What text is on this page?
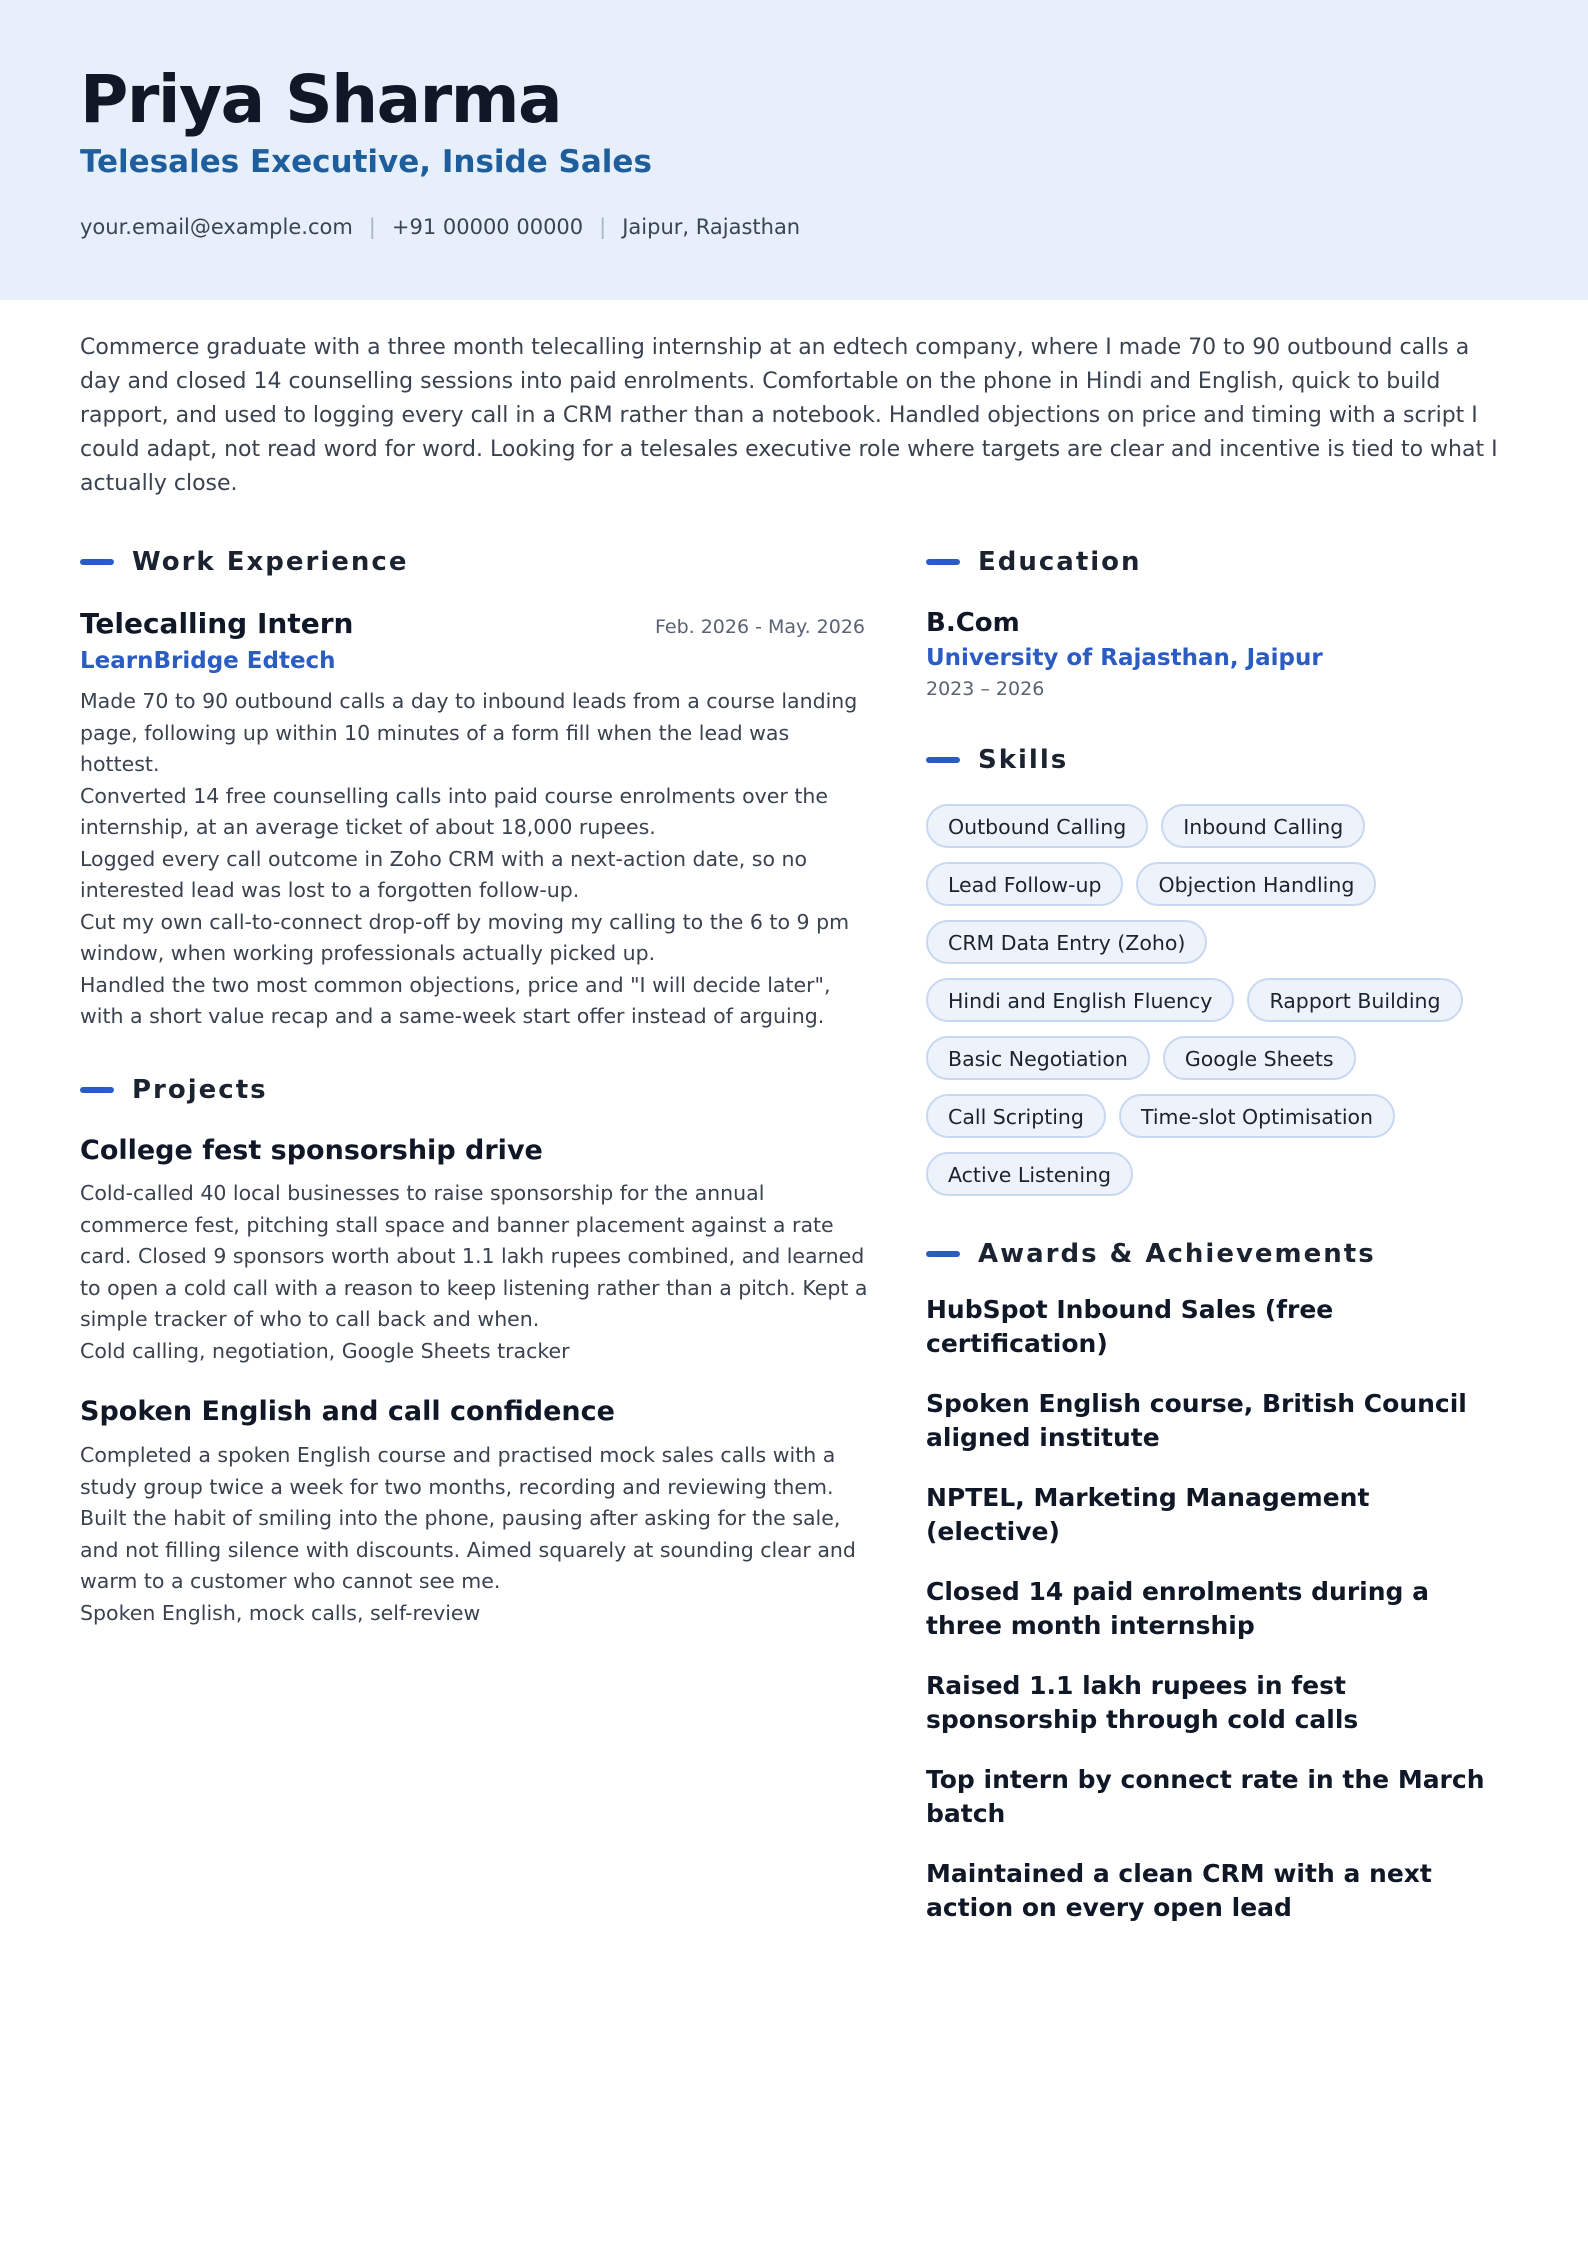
Priya Sharma
Telesales Executive, Inside Sales
your.email@example.com | +91 00000 00000 | Jaipur, Rajasthan
Commerce graduate with a three month telecalling internship at an edtech company, where I made 70 to 90 outbound calls a day and closed 14 counselling sessions into paid enrolments. Comfortable on the phone in Hindi and English, quick to build rapport, and used to logging every call in a CRM rather than a notebook. Handled objections on price and timing with a script I could adapt, not read word for word. Looking for a telesales executive role where targets are clear and incentive is tied to what I actually close.
Work Experience
Telecalling Intern	Feb. 2026 - May. 2026
LearnBridge Edtech

Made 70 to 90 outbound calls a day to inbound leads from a course landing page, following up within 10 minutes of a form fill when the lead was hottest.

Converted 14 free counselling calls into paid course enrolments over the internship, at an average ticket of about 18,000 rupees.

Logged every call outcome in Zoho CRM with a next-action date, so no interested lead was lost to a forgotten follow-up.

Cut my own call-to-connect drop-off by moving my calling to the 6 to 9 pm window, when working professionals actually picked up.

Handled the two most common objections, price and "I will decide later", with a short value recap and a same-week start offer instead of arguing.

Projects
College fest sponsorship drive

Cold-called 40 local businesses to raise sponsorship for the annual commerce fest, pitching stall space and banner placement against a rate card. Closed 9 sponsors worth about 1.1 lakh rupees combined, and learned to open a cold call with a reason to keep listening rather than a pitch. Kept a simple tracker of who to call back and when.

Cold calling, negotiation, Google Sheets tracker

Spoken English and call confidence

Completed a spoken English course and practised mock sales calls with a study group twice a week for two months, recording and reviewing them. Built the habit of smiling into the phone, pausing after asking for the sale, and not filling silence with discounts. Aimed squarely at sounding clear and warm to a customer who cannot see me.

Spoken English, mock calls, self-review

Education
B.Com
University of Rajasthan, Jaipur
2023 – 2026
Skills
Outbound Calling	Inbound Calling
Lead Follow-up	Objection Handling
CRM Data Entry (Zoho)
Hindi and English Fluency	Rapport Building
Basic Negotiation	Google Sheets
Call Scripting	Time-slot Optimisation
Active Listening
Awards & Achievements
HubSpot Inbound Sales (free certification)
Spoken English course, British Council aligned institute
NPTEL, Marketing Management (elective)
Closed 14 paid enrolments during a three month internship
Raised 1.1 lakh rupees in fest sponsorship through cold calls
Top intern by connect rate in the March batch
Maintained a clean CRM with a next action on every open lead
